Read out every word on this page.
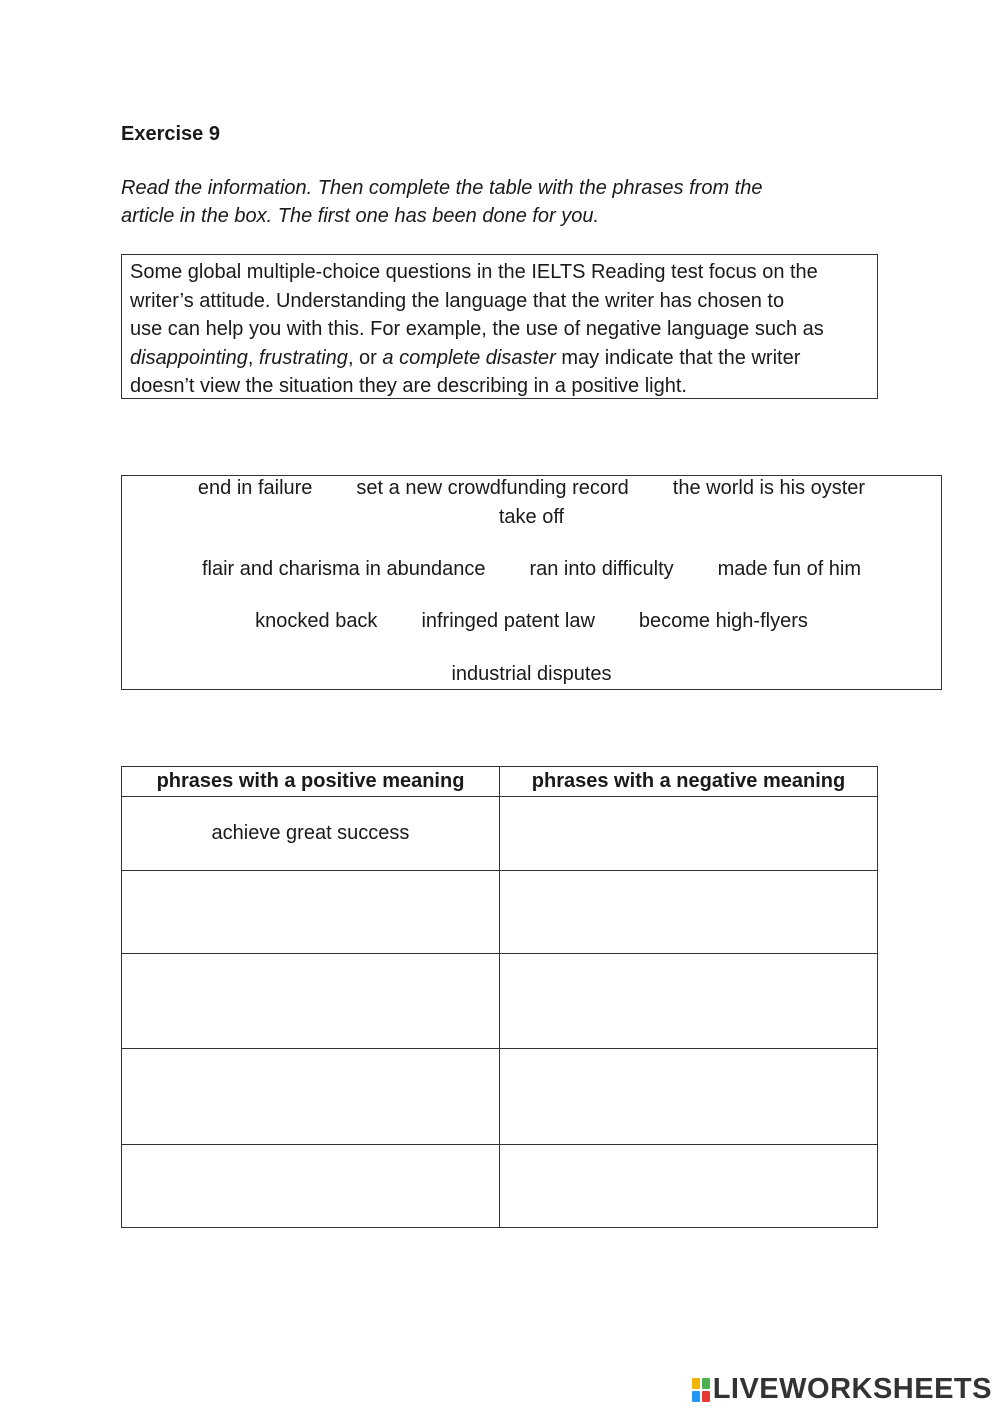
Exercise 9
Read the information. Then complete the table with the phrases from the
article in the box. The first one has been done for you.
Some global multiple-choice questions in the IELTS Reading test focus on the
writer’s attitude. Understanding the language that the writer has chosen to
use can help you with this. For example, the use of negative language such as
disappointing, frustrating, or a complete disaster may indicate that the writer
doesn’t view the situation they are describing in a positive light.
end in failure set a new crowdfunding record the world is his oyster
take off
flair and charisma in abundance ran into difficulty made fun of him
knocked back infringed patent law become high-flyers
industrial disputes
phrases with a positive meaning	phrases with a negative meaning
achieve great success	

LIVEWORKSHEETS
